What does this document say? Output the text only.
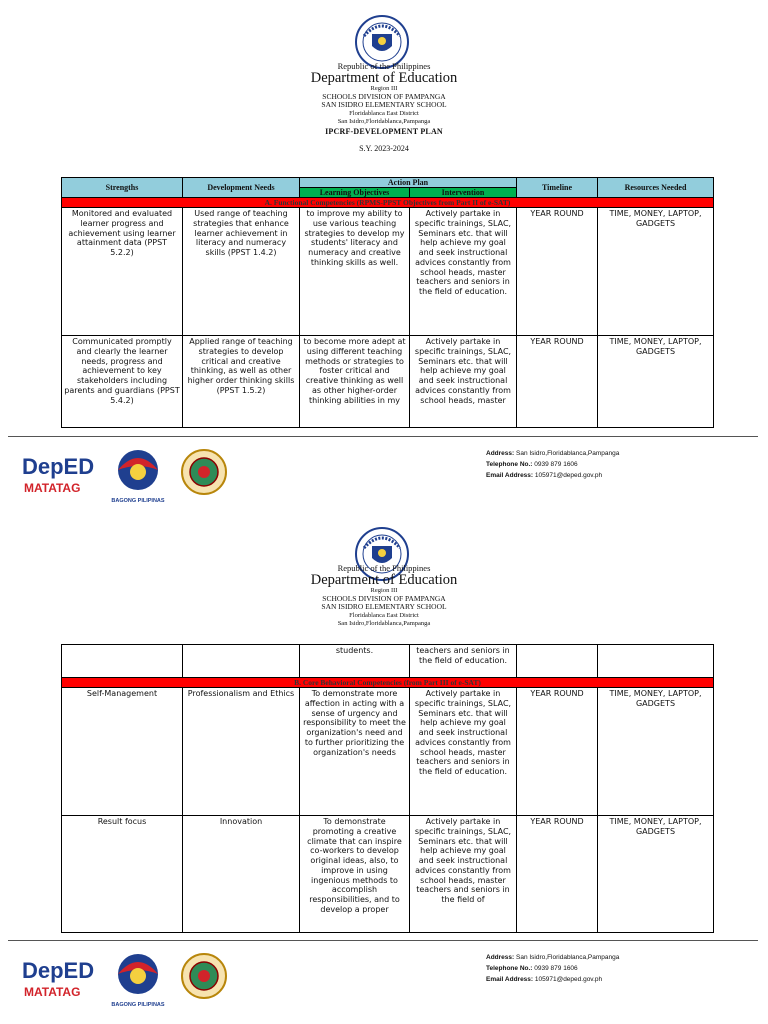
Republic of the Philippines
Department of Education
Region III
SCHOOLS DIVISION OF PAMPANGA
SAN ISIDRO ELEMENTARY SCHOOL
Floridablanca East District
San Isidro,Floridablanca,Pampanga
IPCRF-DEVELOPMENT PLAN
S.Y. 2023-2024
Strengths	Development Needs	Action Plan		Timeline	Resources Needed
		Learning Objectives	Intervention		
A. Functional Competencies (RPMS-PPST Objectives from Part II of e-SAT)					
Monitored and evaluated learner progress and achievement using learner attainment data (PPST 5.2.2)	Used range of teaching strategies that enhance learner achievement in literacy and numeracy skills (PPST 1.4.2)	to improve my ability to use various teaching strategies to develop my students' literacy and numeracy and creative thinking skills as well.	Actively partake in specific trainings, SLAC, Seminars etc. that will help achieve my goal and seek instructional advices constantly from school heads, master teachers and seniors in the field of education.	YEAR ROUND	TIME, MONEY, LAPTOP, GADGETS
Communicated promptly and clearly the learner needs, progress and achievement to key stakeholders including parents and guardians (PPST 5.4.2)	Applied range of teaching strategies to develop critical and creative thinking, as well as other higher order thinking skills (PPST 1.5.2)	to become more adept at using different teaching methods or strategies to foster critical and creative thinking as well as other higher-order thinking abilities in my	Actively partake in specific trainings, SLAC, Seminars etc. that will help achieve my goal and seek instructional advices constantly from school heads, master	YEAR ROUND	TIME, MONEY, LAPTOP, GADGETS
DepED
MATATAG
BAGONG PILIPINAS
Address: San Isidro,Floridablanca,Pampanga
Telephone No.: 0939 879 1606
Email Address: 105971@deped.gov.ph
Republic of the Philippines
Department of Education
Region III
SCHOOLS DIVISION OF PAMPANGA
SAN ISIDRO ELEMENTARY SCHOOL
Floridablanca East District
San Isidro,Floridablanca,Pampanga
		students.	teachers and seniors in the field of education.		
B. Core Behavioral Competencies (from Part III of e-SAT)					
Self-Management	Professionalism and Ethics	To demonstrate more affection in acting with a sense of urgency and responsibility to meet the organization's need and to further prioritizing the organization's needs	Actively partake in specific trainings, SLAC, Seminars etc. that will help achieve my goal and seek instructional advices constantly from school heads, master teachers and seniors in the field of education.	YEAR ROUND	TIME, MONEY, LAPTOP, GADGETS
Result focus	Innovation	To demonstrate promoting a creative climate that can inspire co-workers to develop original ideas, also, to improve in using ingenious methods to accomplish responsibilities, and to develop a proper	Actively partake in specific trainings, SLAC, Seminars etc. that will help achieve my goal and seek instructional advices constantly from school heads, master teachers and seniors in the field of	YEAR ROUND	TIME, MONEY, LAPTOP, GADGETS
DepED
MATATAG
BAGONG PILIPINAS
Address: San Isidro,Floridablanca,Pampanga
Telephone No.: 0939 879 1606
Email Address: 105971@deped.gov.ph
